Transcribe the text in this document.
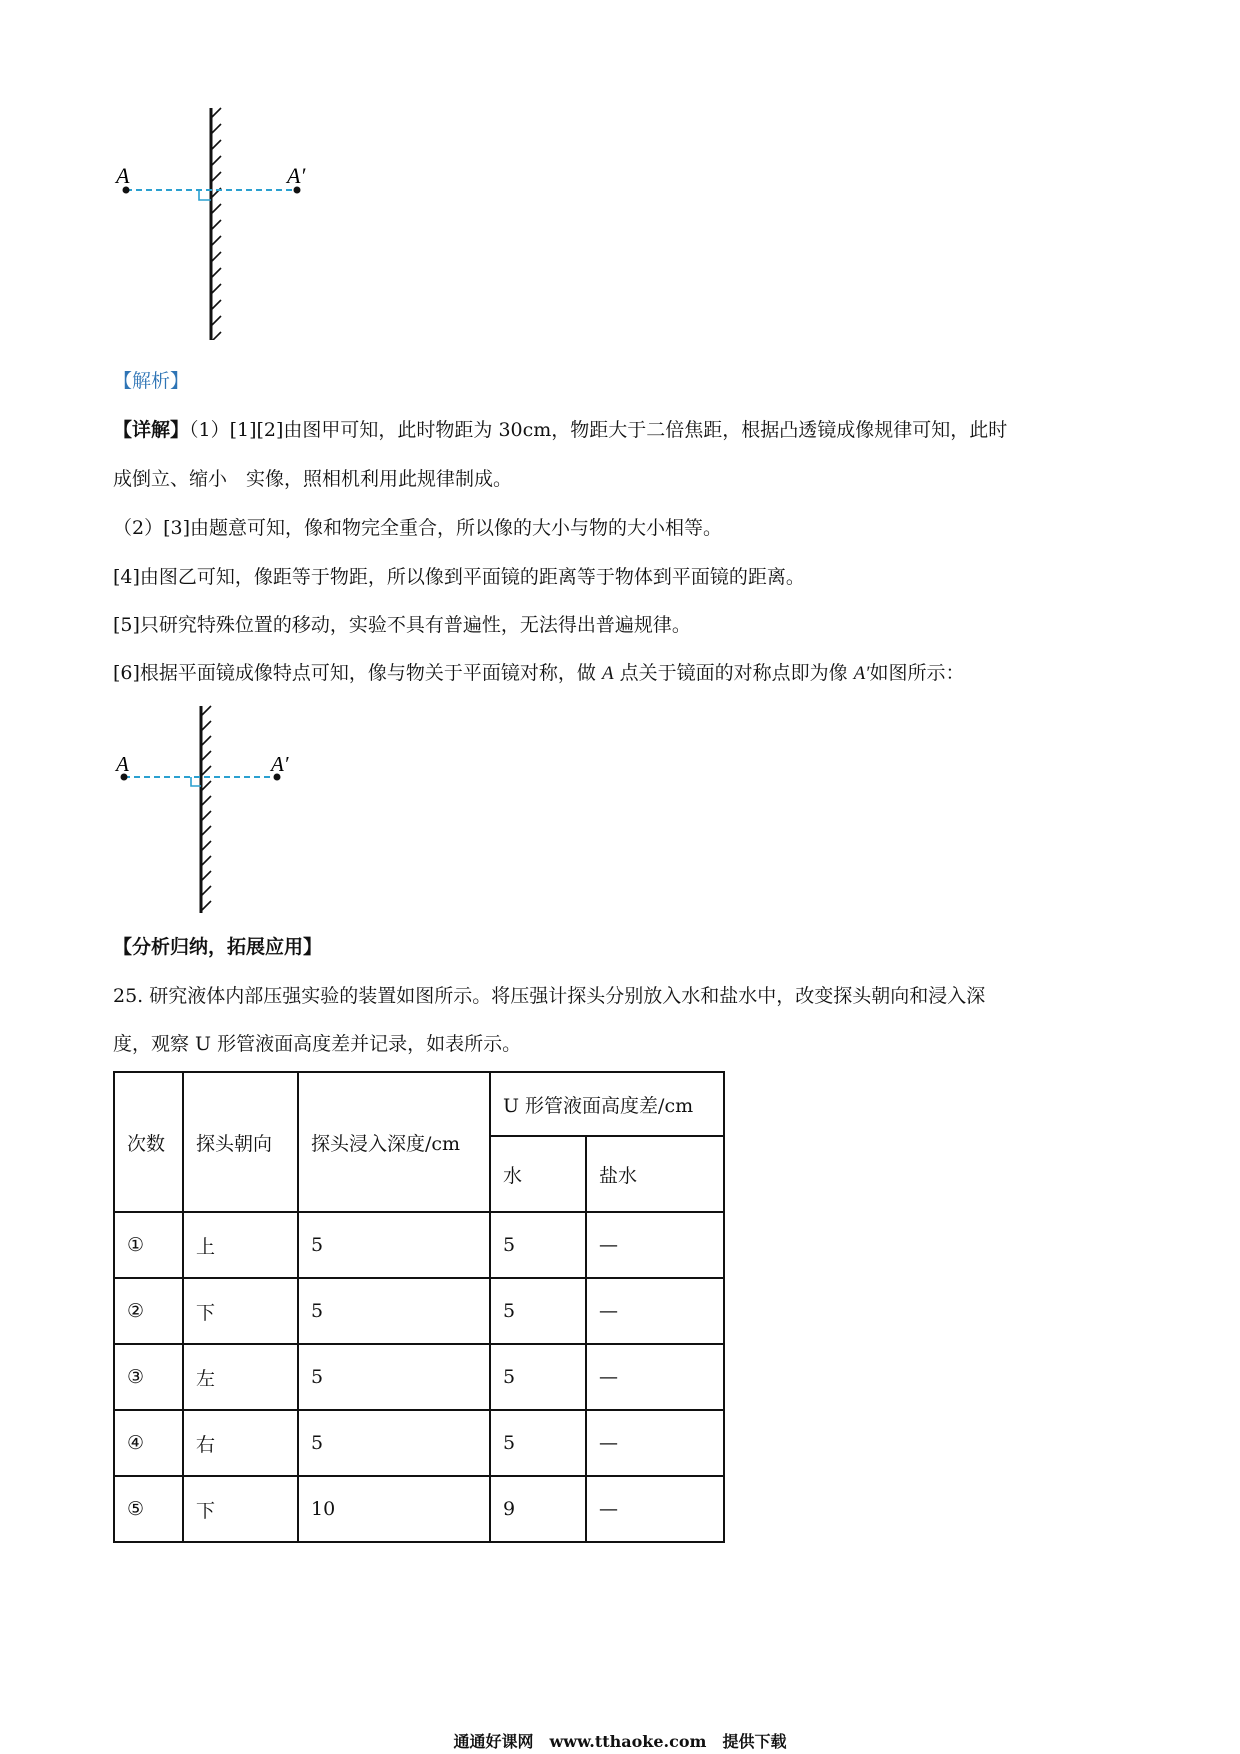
A	A′
【解析】
【详解】（1）[1][2]由图甲可知，此时物距为 30cm，物距大于二倍焦距，根据凸透镜成像规律可知，此时
成倒立、缩小　实像，照相机利用此规律制成。
（2）[3]由题意可知，像和物完全重合，所以像的大小与物的大小相等。
[4]由图乙可知，像距等于物距，所以像到平面镜的距离等于物体到平面镜的距离。
[5]只研究特殊位置的移动，实验不具有普遍性，无法得出普遍规律。
[6]根据平面镜成像特点可知，像与物关于平面镜对称，做 A 点关于镜面的对称点即为像 A′如图所示：
A	A′
【分析归纳，拓展应用】
25. 研究液体内部压强实验的装置如图所示。将压强计探头分别放入水和盐水中，改变探头朝向和浸入深
度，观察 U 形管液面高度差并记录，如表所示。
次数	探头朝向	探头浸入深度/cm	U 形管液面高度差/cm	
			水	盐水
①	上	5	5	—
②	下	5	5	—
③	左	5	5	—
④	右	5	5	—
⑤	下	10	9	—
通通好课网　www.tthaoke.com　提供下载
